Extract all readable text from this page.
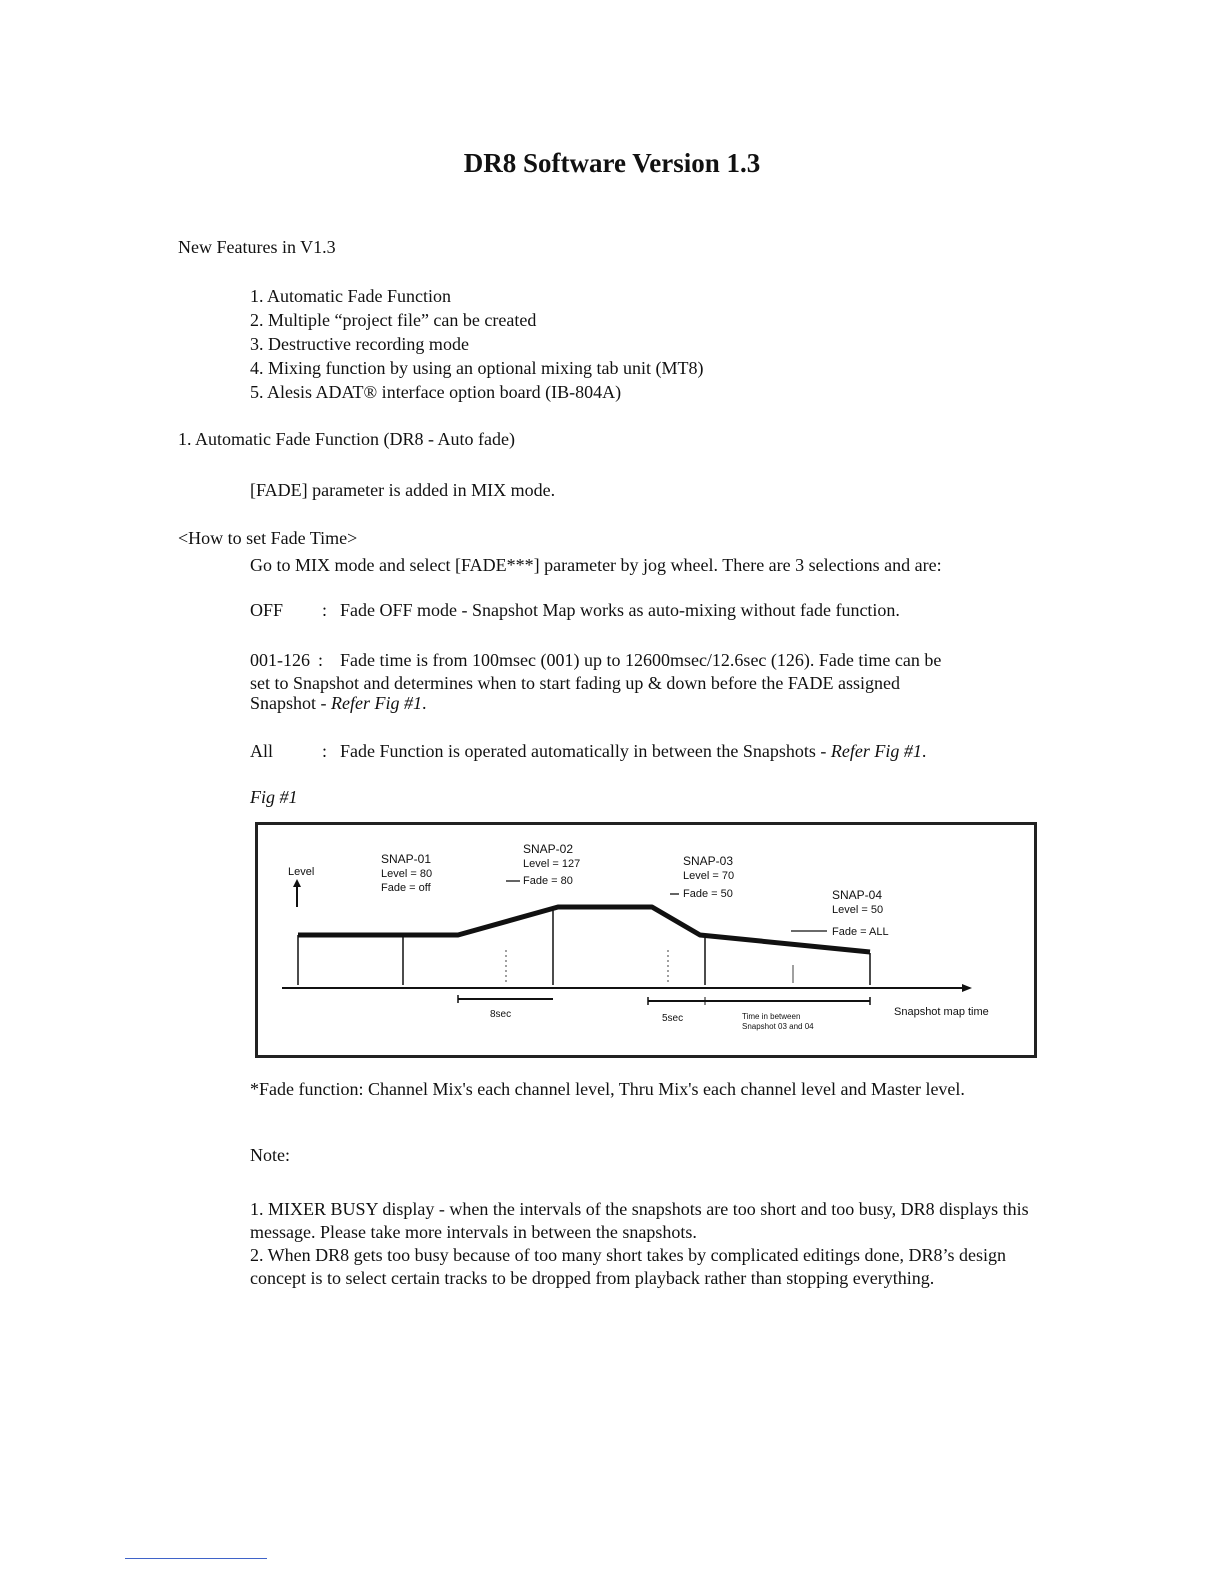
DR8 Software Version 1.3
New Features in V1.3
1. Automatic Fade Function
2. Multiple “project file” can be created
3. Destructive recording mode
4. Mixing function by using an optional mixing tab unit (MT8)
5. Alesis ADAT® interface option board (IB-804A)
1. Automatic Fade Function (DR8 - Auto fade)
[FADE] parameter is added in MIX mode.
<How to set Fade Time>
Go to MIX mode and select [FADE***] parameter by jog wheel. There are 3 selections and are:
OFF : Fade OFF mode - Snapshot Map works as auto-mixing without fade function.
001-126 : Fade time is from 100msec (001) up to 12600msec/12.6sec (126). Fade time can be
set to Snapshot and determines when to start fading up & down before the FADE assigned
Snapshot - Refer Fig #1.
All	: Fade Function is operated automatically in between the Snapshots - Refer Fig #1.
Fig #1
Level
SNAP-01
Level = 80
Fade = off
SNAP-02
Level = 127
Fade = 80
SNAP-03
Level = 70
Fade = 50	SNAP-04
Level = 50
Fade = ALL
8sec	5sec	Time in between
Snapshot 03 and 04
Snapshot map time
*Fade function: Channel Mix's each channel level, Thru Mix's each channel level and Master level.
Note:
1. MIXER BUSY display - when the intervals of the snapshots are too short and too busy, DR8 displays this message. Please take more intervals in between the snapshots.
2. When DR8 gets too busy because of too many short takes by complicated editings done, DR8’s design concept is to select certain tracks to be dropped from playback rather than stopping everything.
